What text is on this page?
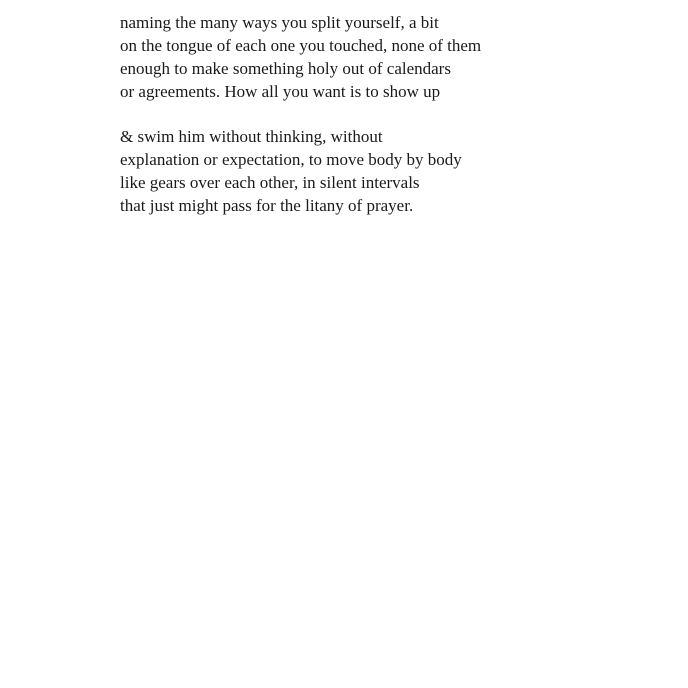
naming the many ways you split yourself, a bit
on the tongue of each one you touched, none of them
enough to make something holy out of calendars
or agreements. How all you want is to show up

& swim him without thinking, without
explanation or expectation, to move body by body
like gears over each other, in silent intervals
that just might pass for the litany of prayer.
